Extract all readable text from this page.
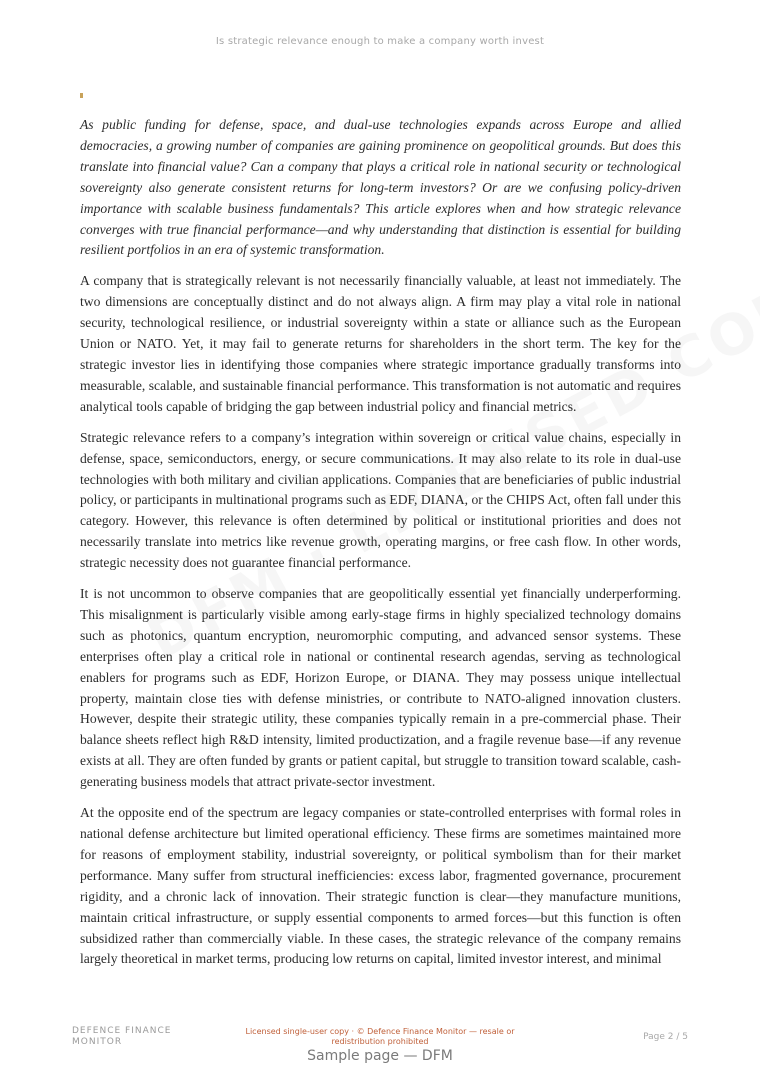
Is strategic relevance enough to make a company worth invest

As public funding for defense, space, and dual-use technologies expands across Europe and allied democracies, a growing number of companies are gaining prominence on geopolitical grounds. But does this translate into financial value? Can a company that plays a critical role in national security or technological sovereignty also generate consistent returns for long-term investors? Or are we confusing policy-driven importance with scalable business fundamentals? This article explores when and how strategic relevance converges with true financial performance—and why understanding that distinction is essential for building resilient portfolios in an era of systemic transformation.

A company that is strategically relevant is not necessarily financially valuable, at least not immediately. The two dimensions are conceptually distinct and do not always align. A firm may play a vital role in national security, technological resilience, or industrial sovereignty within a state or alliance such as the European Union or NATO. Yet, it may fail to generate returns for shareholders in the short term. The key for the strategic investor lies in identifying those companies where strategic importance gradually transforms into measurable, scalable, and sustainable financial performance. This transformation is not automatic and requires analytical tools capable of bridging the gap between industrial policy and financial metrics.

Strategic relevance refers to a company’s integration within sovereign or critical value chains, especially in defense, space, semiconductors, energy, or secure communications. It may also relate to its role in dual-use technologies with both military and civilian applications. Companies that are beneficiaries of public industrial policy, or participants in multinational programs such as EDF, DIANA, or the CHIPS Act, often fall under this category. However, this relevance is often determined by political or institutional priorities and does not necessarily translate into metrics like revenue growth, operating margins, or free cash flow. In other words, strategic necessity does not guarantee financial performance.

It is not uncommon to observe companies that are geopolitically essential yet financially underperforming. This misalignment is particularly visible among early-stage firms in highly specialized technology domains such as photonics, quantum encryption, neuromorphic computing, and advanced sensor systems. These enterprises often play a critical role in national or continental research agendas, serving as technological enablers for programs such as EDF, Horizon Europe, or DIANA. They may possess unique intellectual property, maintain close ties with defense ministries, or contribute to NATO-aligned innovation clusters. However, despite their strategic utility, these companies typically remain in a pre-commercial phase. Their balance sheets reflect high R&D intensity, limited productization, and a fragile revenue base—if any revenue exists at all. They are often funded by grants or patient capital, but struggle to transition toward scalable, cash-generating business models that attract private-sector investment.

At the opposite end of the spectrum are legacy companies or state-controlled enterprises with formal roles in national defense architecture but limited operational efficiency. These firms are sometimes maintained more for reasons of employment stability, industrial sovereignty, or political symbolism than for their market performance. Many suffer from structural inefficiencies: excess labor, fragmented governance, procurement rigidity, and a chronic lack of innovation. Their strategic function is clear—they manufacture munitions, maintain critical infrastructure, or supply essential components to armed forces—but this function is often subsidized rather than commercially viable. In these cases, the strategic relevance of the company remains largely theoretical in market terms, producing low returns on capital, limited investor interest, and minimal

DEFENCE FINANCE
MONITOR
Licensed single-user copy · © Defence Finance Monitor — resale or redistribution prohibited	Page 2 / 5
Sample page — DFM
